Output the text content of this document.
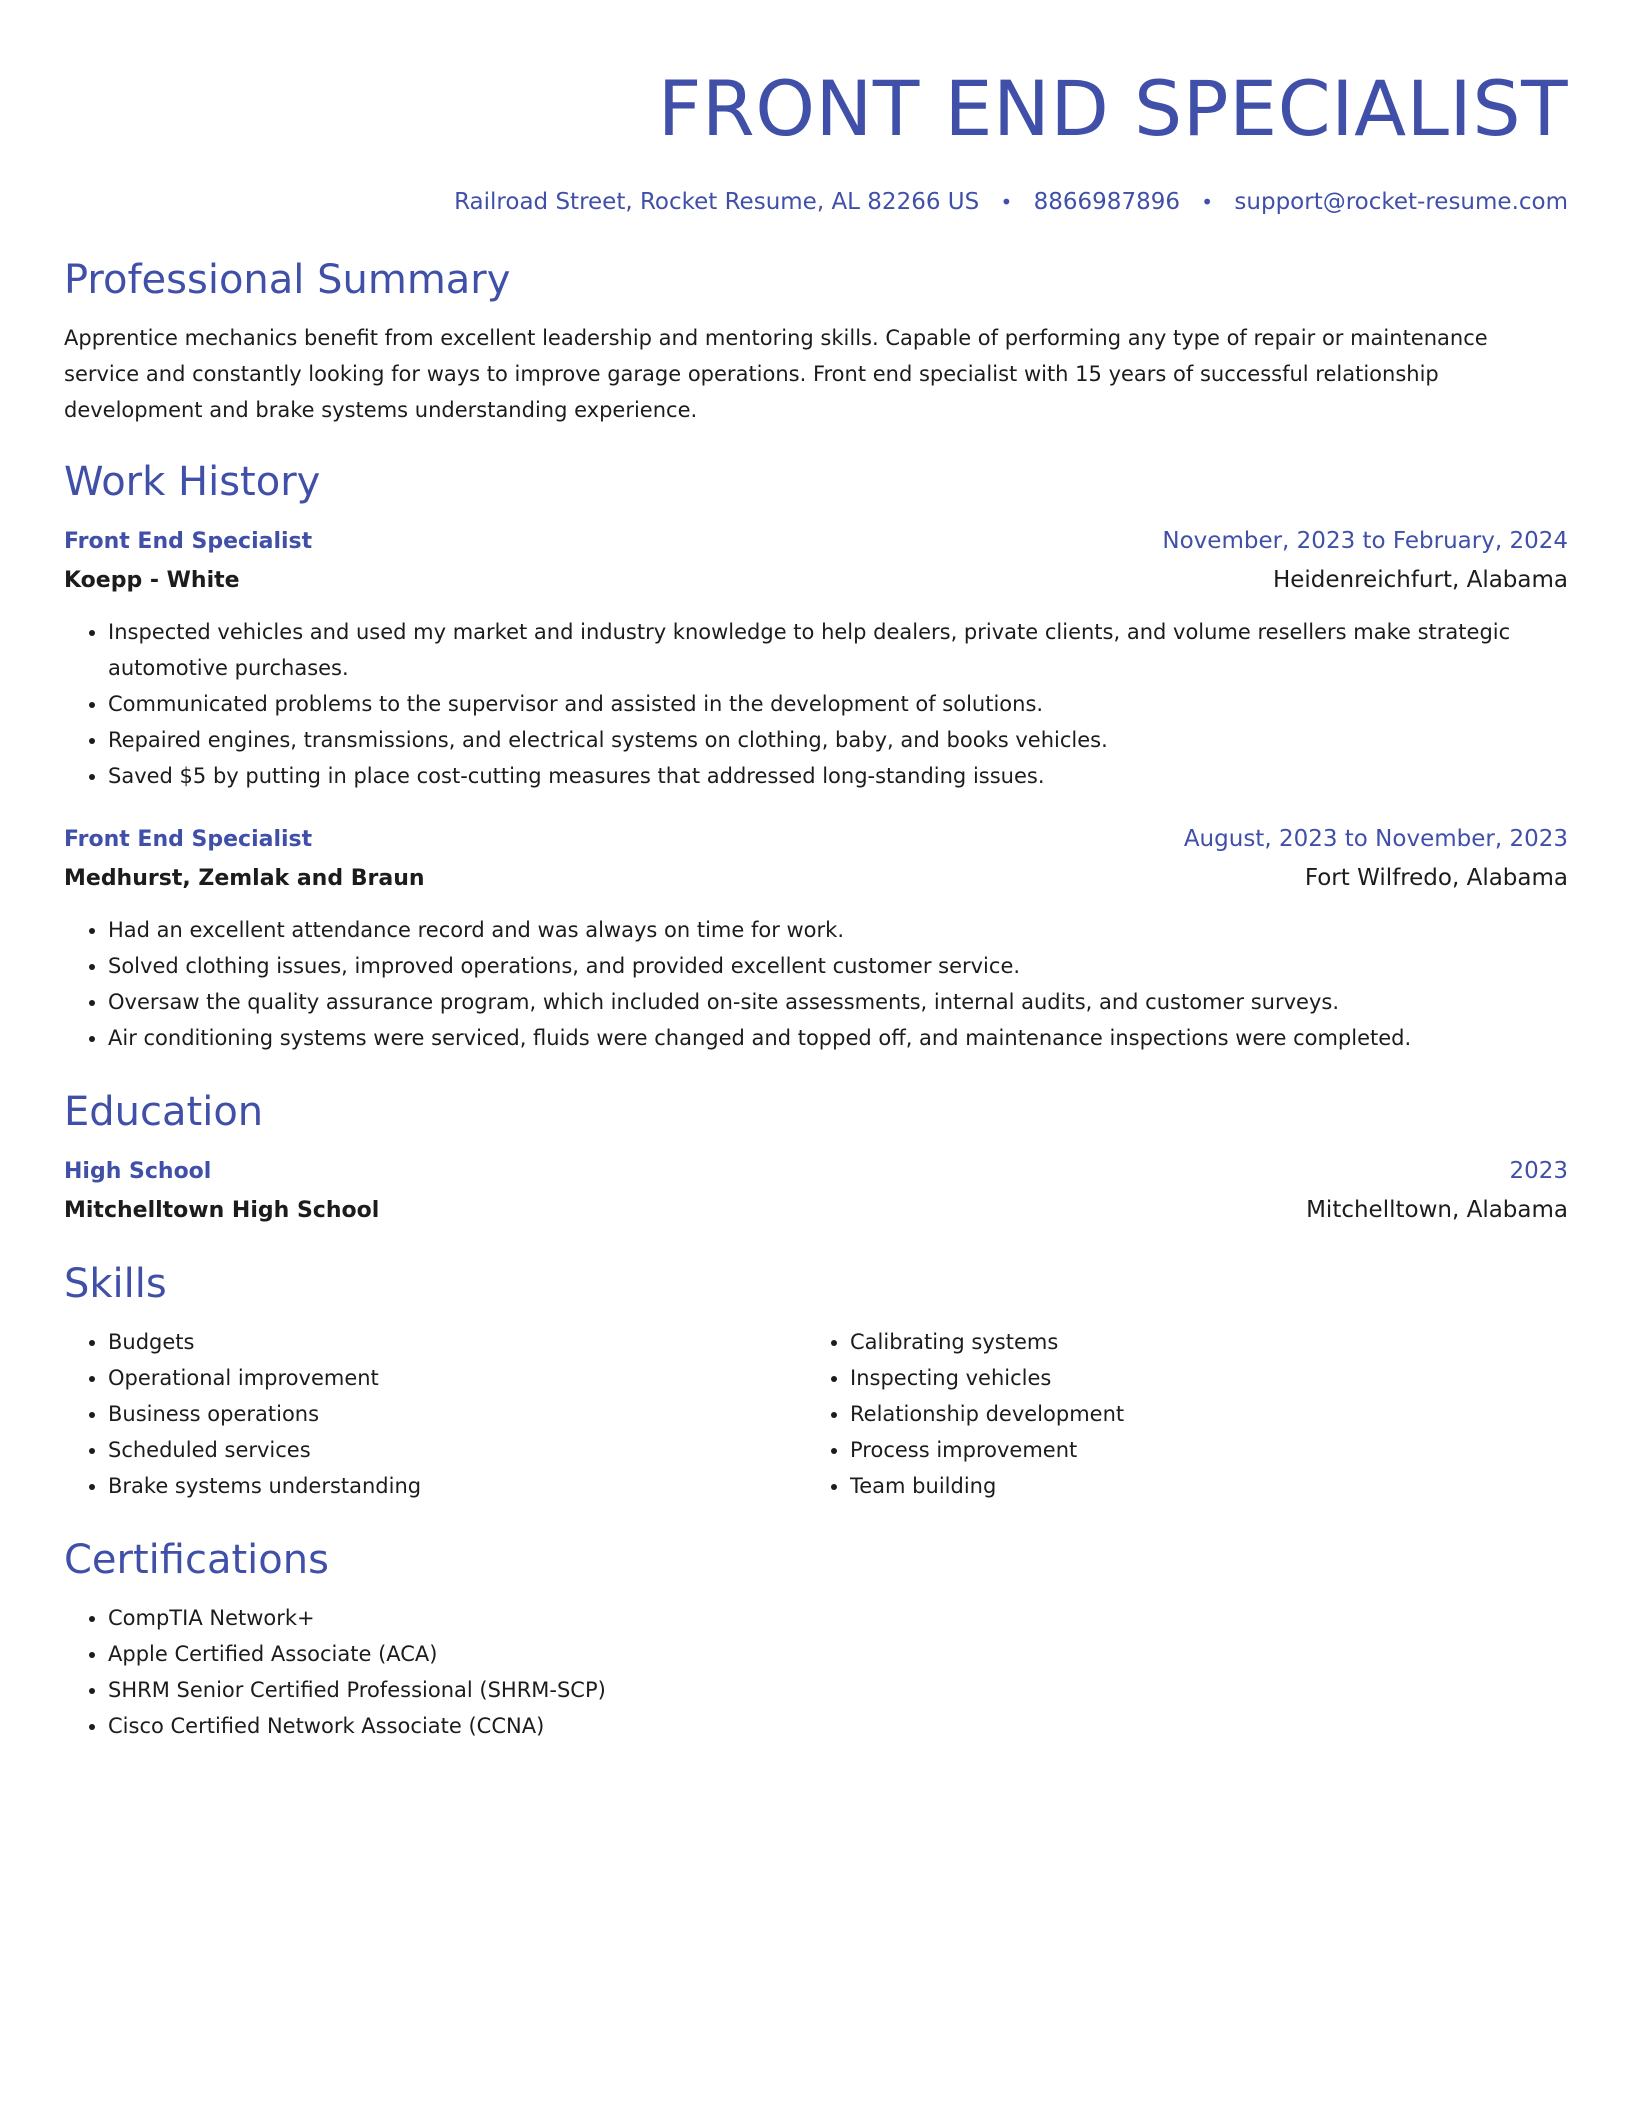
FRONT END SPECIALIST
Railroad Street, Rocket Resume, AL 82266 US • 8866987896 • support@rocket-resume.com
Professional Summary
Apprentice mechanics benefit from excellent leadership and mentoring skills. Capable of performing any type of repair or maintenance service and constantly looking for ways to improve garage operations. Front end specialist with 15 years of successful relationship development and brake systems understanding experience.
Work History
Front End Specialist	November, 2023 to February, 2024
Koepp - White	Heidenreichfurt, Alabama
• Inspected vehicles and used my market and industry knowledge to help dealers, private clients, and volume resellers make strategic automotive purchases.
• Communicated problems to the supervisor and assisted in the development of solutions.
• Repaired engines, transmissions, and electrical systems on clothing, baby, and books vehicles.
• Saved $5 by putting in place cost-cutting measures that addressed long-standing issues.
Front End Specialist	August, 2023 to November, 2023
Medhurst, Zemlak and Braun	Fort Wilfredo, Alabama
• Had an excellent attendance record and was always on time for work.
• Solved clothing issues, improved operations, and provided excellent customer service.
• Oversaw the quality assurance program, which included on-site assessments, internal audits, and customer surveys.
• Air conditioning systems were serviced, fluids were changed and topped off, and maintenance inspections were completed.
Education
High School	2023
Mitchelltown High School	Mitchelltown, Alabama
Skills
• Budgets
• Operational improvement
• Business operations
• Scheduled services
• Brake systems understanding
• Calibrating systems
• Inspecting vehicles
• Relationship development
• Process improvement
• Team building
Certifications
• CompTIA Network+
• Apple Certified Associate (ACA)
• SHRM Senior Certified Professional (SHRM-SCP)
• Cisco Certified Network Associate (CCNA)
